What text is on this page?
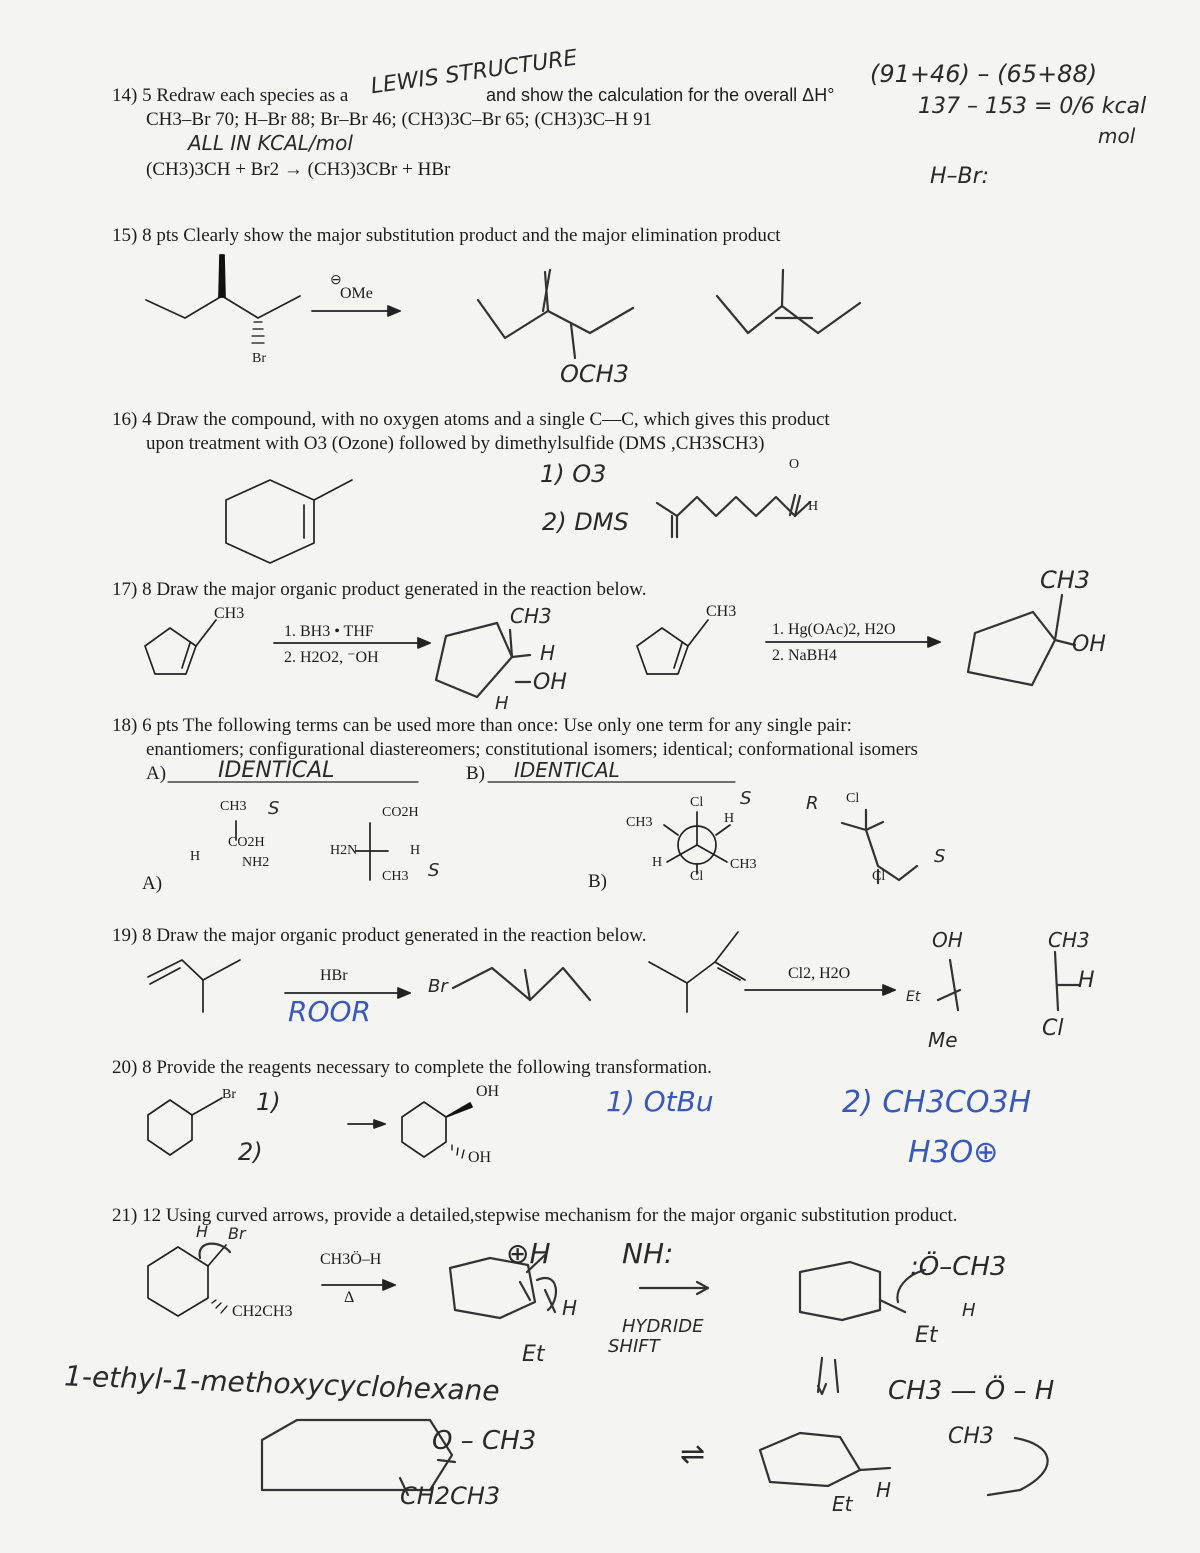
14) 5 Redraw each species as a LEWIS STRUCTURE
and show the calculation for the overall ΔH°
CH3–Br 70; H–Br 88; Br–Br 46; (CH3)3C–Br 65; (CH3)3C–H 91
(CH3)3CH + Br2 → (CH3)3CBr + HBr
ALL IN KCAL/mol
(91+46) – (65+88)
137 – 153 = 0/6 kcal
mol
H–Br:
15) 8 pts Clearly show the major substitution product and the major elimination product
⊖
OMe
Br
OCH3
16) 4 Draw the compound, with no oxygen atoms and a single C—C, which gives this product
upon treatment with O3 (Ozone) followed by dimethylsulfide (DMS ,CH3SCH3)
1) O3
2) DMS
H
O
17) 8 Draw the major organic product generated in the reaction below.
CH3
1. BH3 • THF
2. H2O2, ⁻OH
CH3
H
OH
H
CH3
1. Hg(OAc)2, H2O
2. NaBH4
CH3
OH
18) 6 pts The following terms can be used more than once: Use only one term for any single pair:
enantiomers; configurational diastereomers; constitutional isomers; identical; conformational isomers
A) IDENTICAL	B) IDENTICAL
CH3
CO2H
NH2
H
S	CO2H
H2N	H
CH3 S
A)	B)
Cl
H
CH3
H	CH3
Cl
S	R Cl
Cl
S
19) 8 Draw the major organic product generated in the reaction below.
HBr
ROOR
Br
Cl2, H2O
OH
Et
Me
CH3
H
Cl
20) 8 Provide the reagents necessary to complete the following transformation.
Br 1)
2)
OH
OH
1) OtBu	2) CH3CO3H
H3O⊕
21) 12 Using curved arrows, provide a detailed,stepwise mechanism for the major organic substitution product.
H Br
CH3Ö–H
Δ
CH2CH3
⊕H	NH:
HYDRIDE
SHIFT
Et
H
:Ö–CH3
H
Et
1-ethyl-1-methoxycyclohexane
O – CH3
CH2CH3
CH3 — Ö – H
CH3
Et
H
⇌
